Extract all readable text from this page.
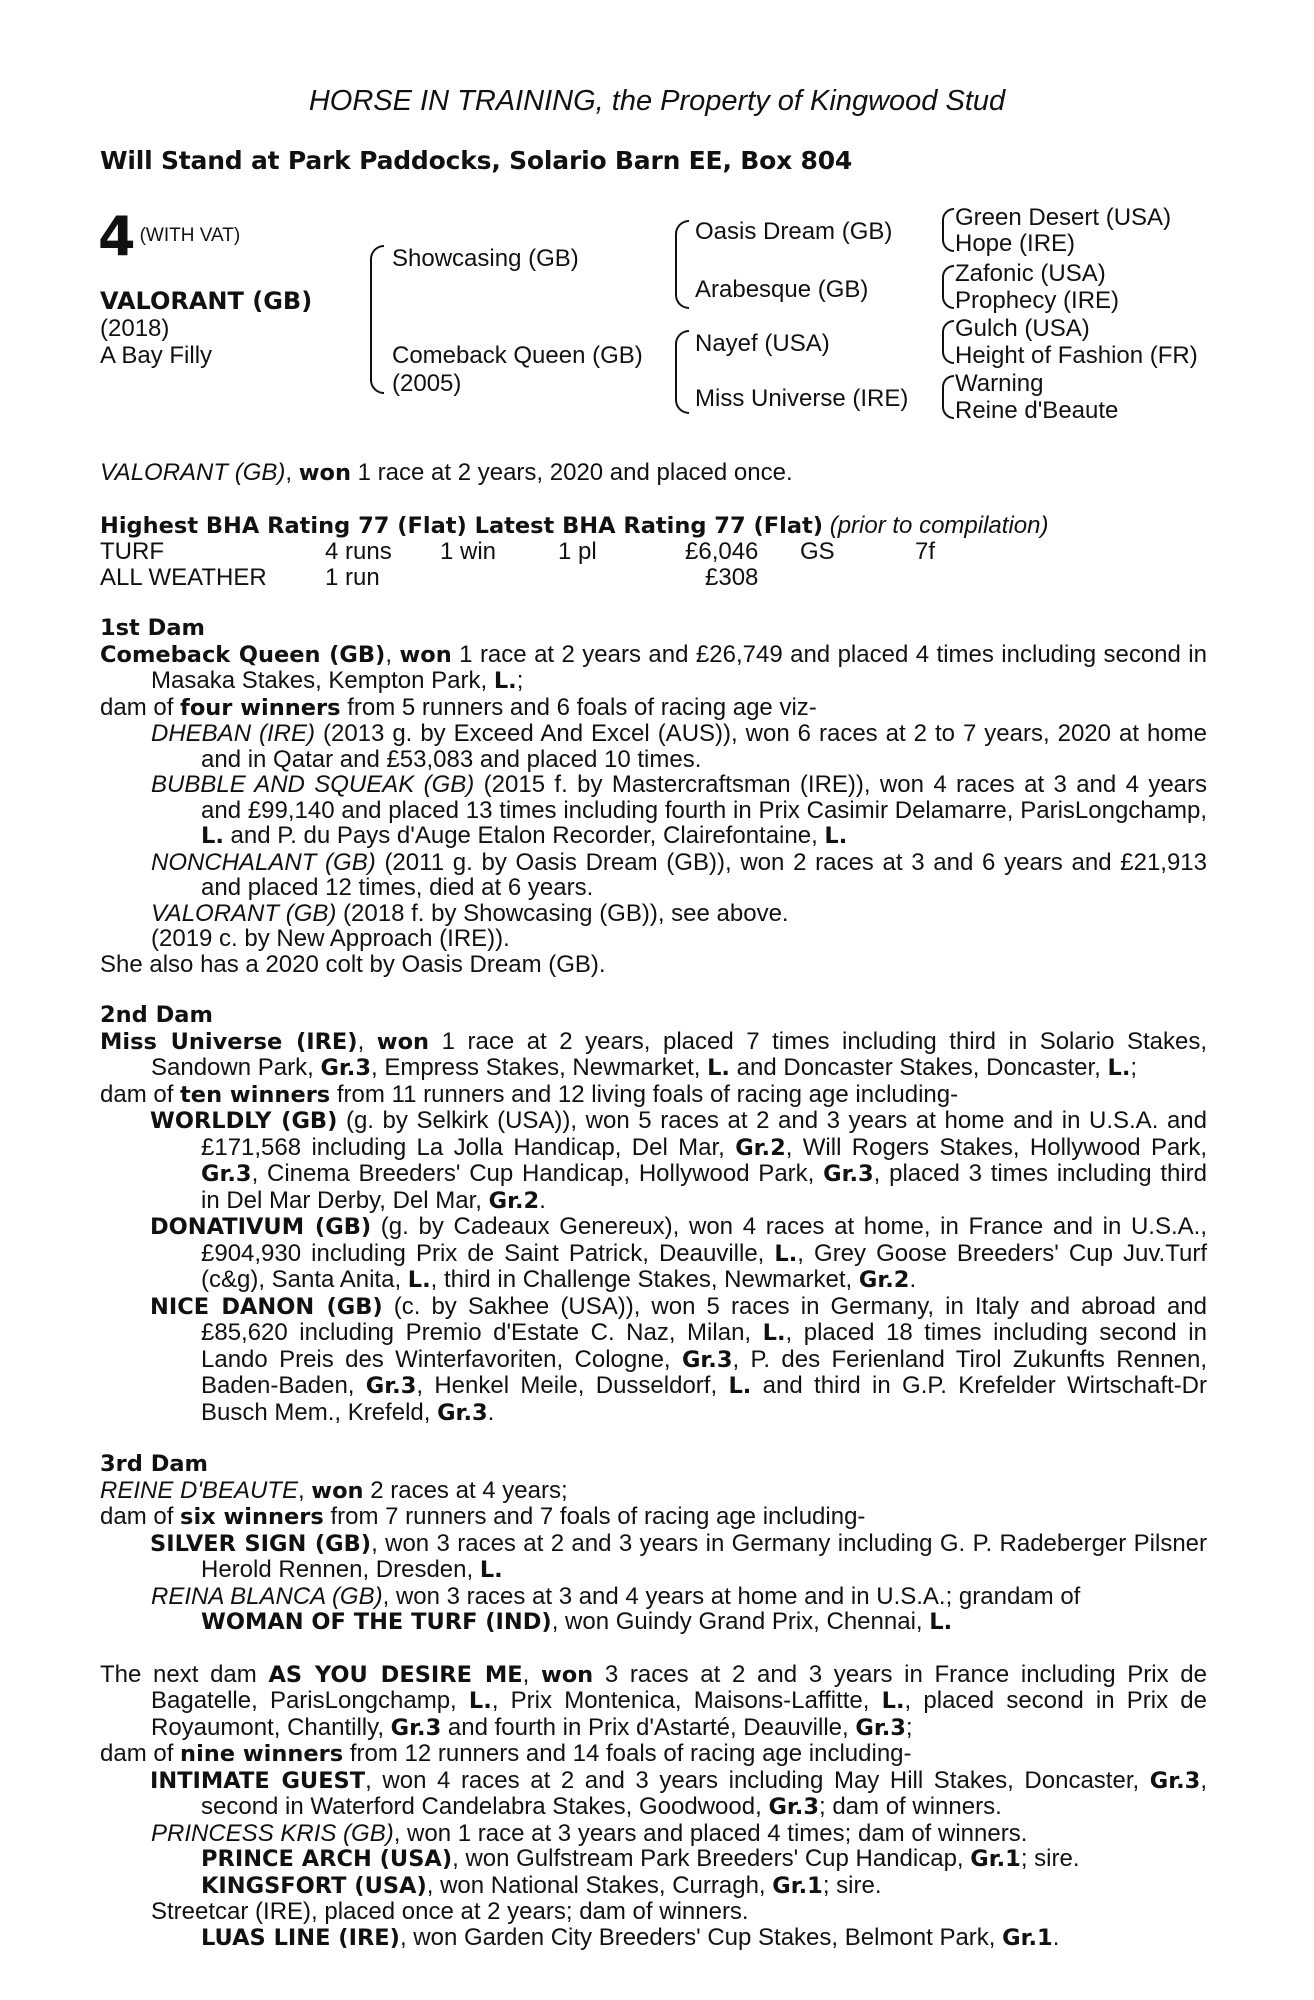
HORSE IN TRAINING, the Property of Kingwood Stud
Will Stand at Park Paddocks, Solario Barn EE, Box 804
4 $^{(WITH VAT)}$
VALORANT (GB)
(2018)
A Bay Filly
Showcasing (GB)
Comeback Queen (GB)
(2005)
Oasis Dream (GB)
Arabesque (GB)
Nayef (USA)
Miss Universe (IRE)
Green Desert (USA)
Hope (IRE)
Zafonic (USA)
Prophecy (IRE)
Gulch (USA)
Height of Fashion (FR)
Warning
Reine d'Beaute

VALORANT (GB), won 1 race at 2 years, 2020 and placed once.

Highest BHA Rating 77 (Flat) Latest BHA Rating 77 (Flat) (prior to compilation)
TURF	4 runs 1 win	1 pl	£6,046 GS	7f
ALL WEATHER 1 run	£308
1st Dam

Comeback Queen (GB), won 1 race at 2 years and £26,749 and placed 4 times including second in Masaka Stakes, Kempton Park, L.;

dam of four winners from 5 runners and 6 foals of racing age viz-

DHEBAN (IRE) (2013 g. by Exceed And Excel (AUS)), won 6 races at 2 to 7 years, 2020 at home and in Qatar and £53,083 and placed 10 times.

BUBBLE AND SQUEAK (GB) (2015 f. by Mastercraftsman (IRE)), won 4 races at 3 and 4 years and £99,140 and placed 13 times including fourth in Prix Casimir Delamarre, ParisLongchamp, L. and P. du Pays d'Auge Etalon Recorder, Clairefontaine, L.

NONCHALANT (GB) (2011 g. by Oasis Dream (GB)), won 2 races at 3 and 6 years and £21,913 and placed 12 times, died at 6 years.

VALORANT (GB) (2018 f. by Showcasing (GB)), see above.

(2019 c. by New Approach (IRE)).

She also has a 2020 colt by Oasis Dream (GB).

2nd Dam

Miss Universe (IRE), won 1 race at 2 years, placed 7 times including third in Solario Stakes, Sandown Park, Gr.3, Empress Stakes, Newmarket, L. and Doncaster Stakes, Doncaster, L.;

dam of ten winners from 11 runners and 12 living foals of racing age including-

WORLDLY (GB) (g. by Selkirk (USA)), won 5 races at 2 and 3 years at home and in U.S.A. and £171,568 including La Jolla Handicap, Del Mar, Gr.2, Will Rogers Stakes, Hollywood Park, Gr.3, Cinema Breeders' Cup Handicap, Hollywood Park, Gr.3, placed 3 times including third in Del Mar Derby, Del Mar, Gr.2.

DONATIVUM (GB) (g. by Cadeaux Genereux), won 4 races at home, in France and in U.S.A., £904,930 including Prix de Saint Patrick, Deauville, L., Grey Goose Breeders' Cup Juv.Turf (c&g), Santa Anita, L., third in Challenge Stakes, Newmarket, Gr.2.

NICE DANON (GB) (c. by Sakhee (USA)), won 5 races in Germany, in Italy and abroad and £85,620 including Premio d'Estate C. Naz, Milan, L., placed 18 times including second in Lando Preis des Winterfavoriten, Cologne, Gr.3, P. des Ferienland Tirol Zukunfts Rennen, Baden-Baden, Gr.3, Henkel Meile, Dusseldorf, L. and third in G.P. Krefelder Wirtschaft-Dr Busch Mem., Krefeld, Gr.3.

3rd Dam

REINE D'BEAUTE, won 2 races at 4 years;

dam of six winners from 7 runners and 7 foals of racing age including-

SILVER SIGN (GB), won 3 races at 2 and 3 years in Germany including G. P. Radeberger Pilsner Herold Rennen, Dresden, L.

REINA BLANCA (GB), won 3 races at 3 and 4 years at home and in U.S.A.; grandam of

WOMAN OF THE TURF (IND), won Guindy Grand Prix, Chennai, L.

The next dam AS YOU DESIRE ME, won 3 races at 2 and 3 years in France including Prix de Bagatelle, ParisLongchamp, L., Prix Montenica, Maisons-Laffitte, L., placed second in Prix de Royaumont, Chantilly, Gr.3 and fourth in Prix d'Astarté, Deauville, Gr.3;

dam of nine winners from 12 runners and 14 foals of racing age including-

INTIMATE GUEST, won 4 races at 2 and 3 years including May Hill Stakes, Doncaster, Gr.3, second in Waterford Candelabra Stakes, Goodwood, Gr.3; dam of winners.

PRINCESS KRIS (GB), won 1 race at 3 years and placed 4 times; dam of winners.

PRINCE ARCH (USA), won Gulfstream Park Breeders' Cup Handicap, Gr.1; sire.

KINGSFORT (USA), won National Stakes, Curragh, Gr.1; sire.

Streetcar (IRE), placed once at 2 years; dam of winners.

LUAS LINE (IRE), won Garden City Breeders' Cup Stakes, Belmont Park, Gr.1.
